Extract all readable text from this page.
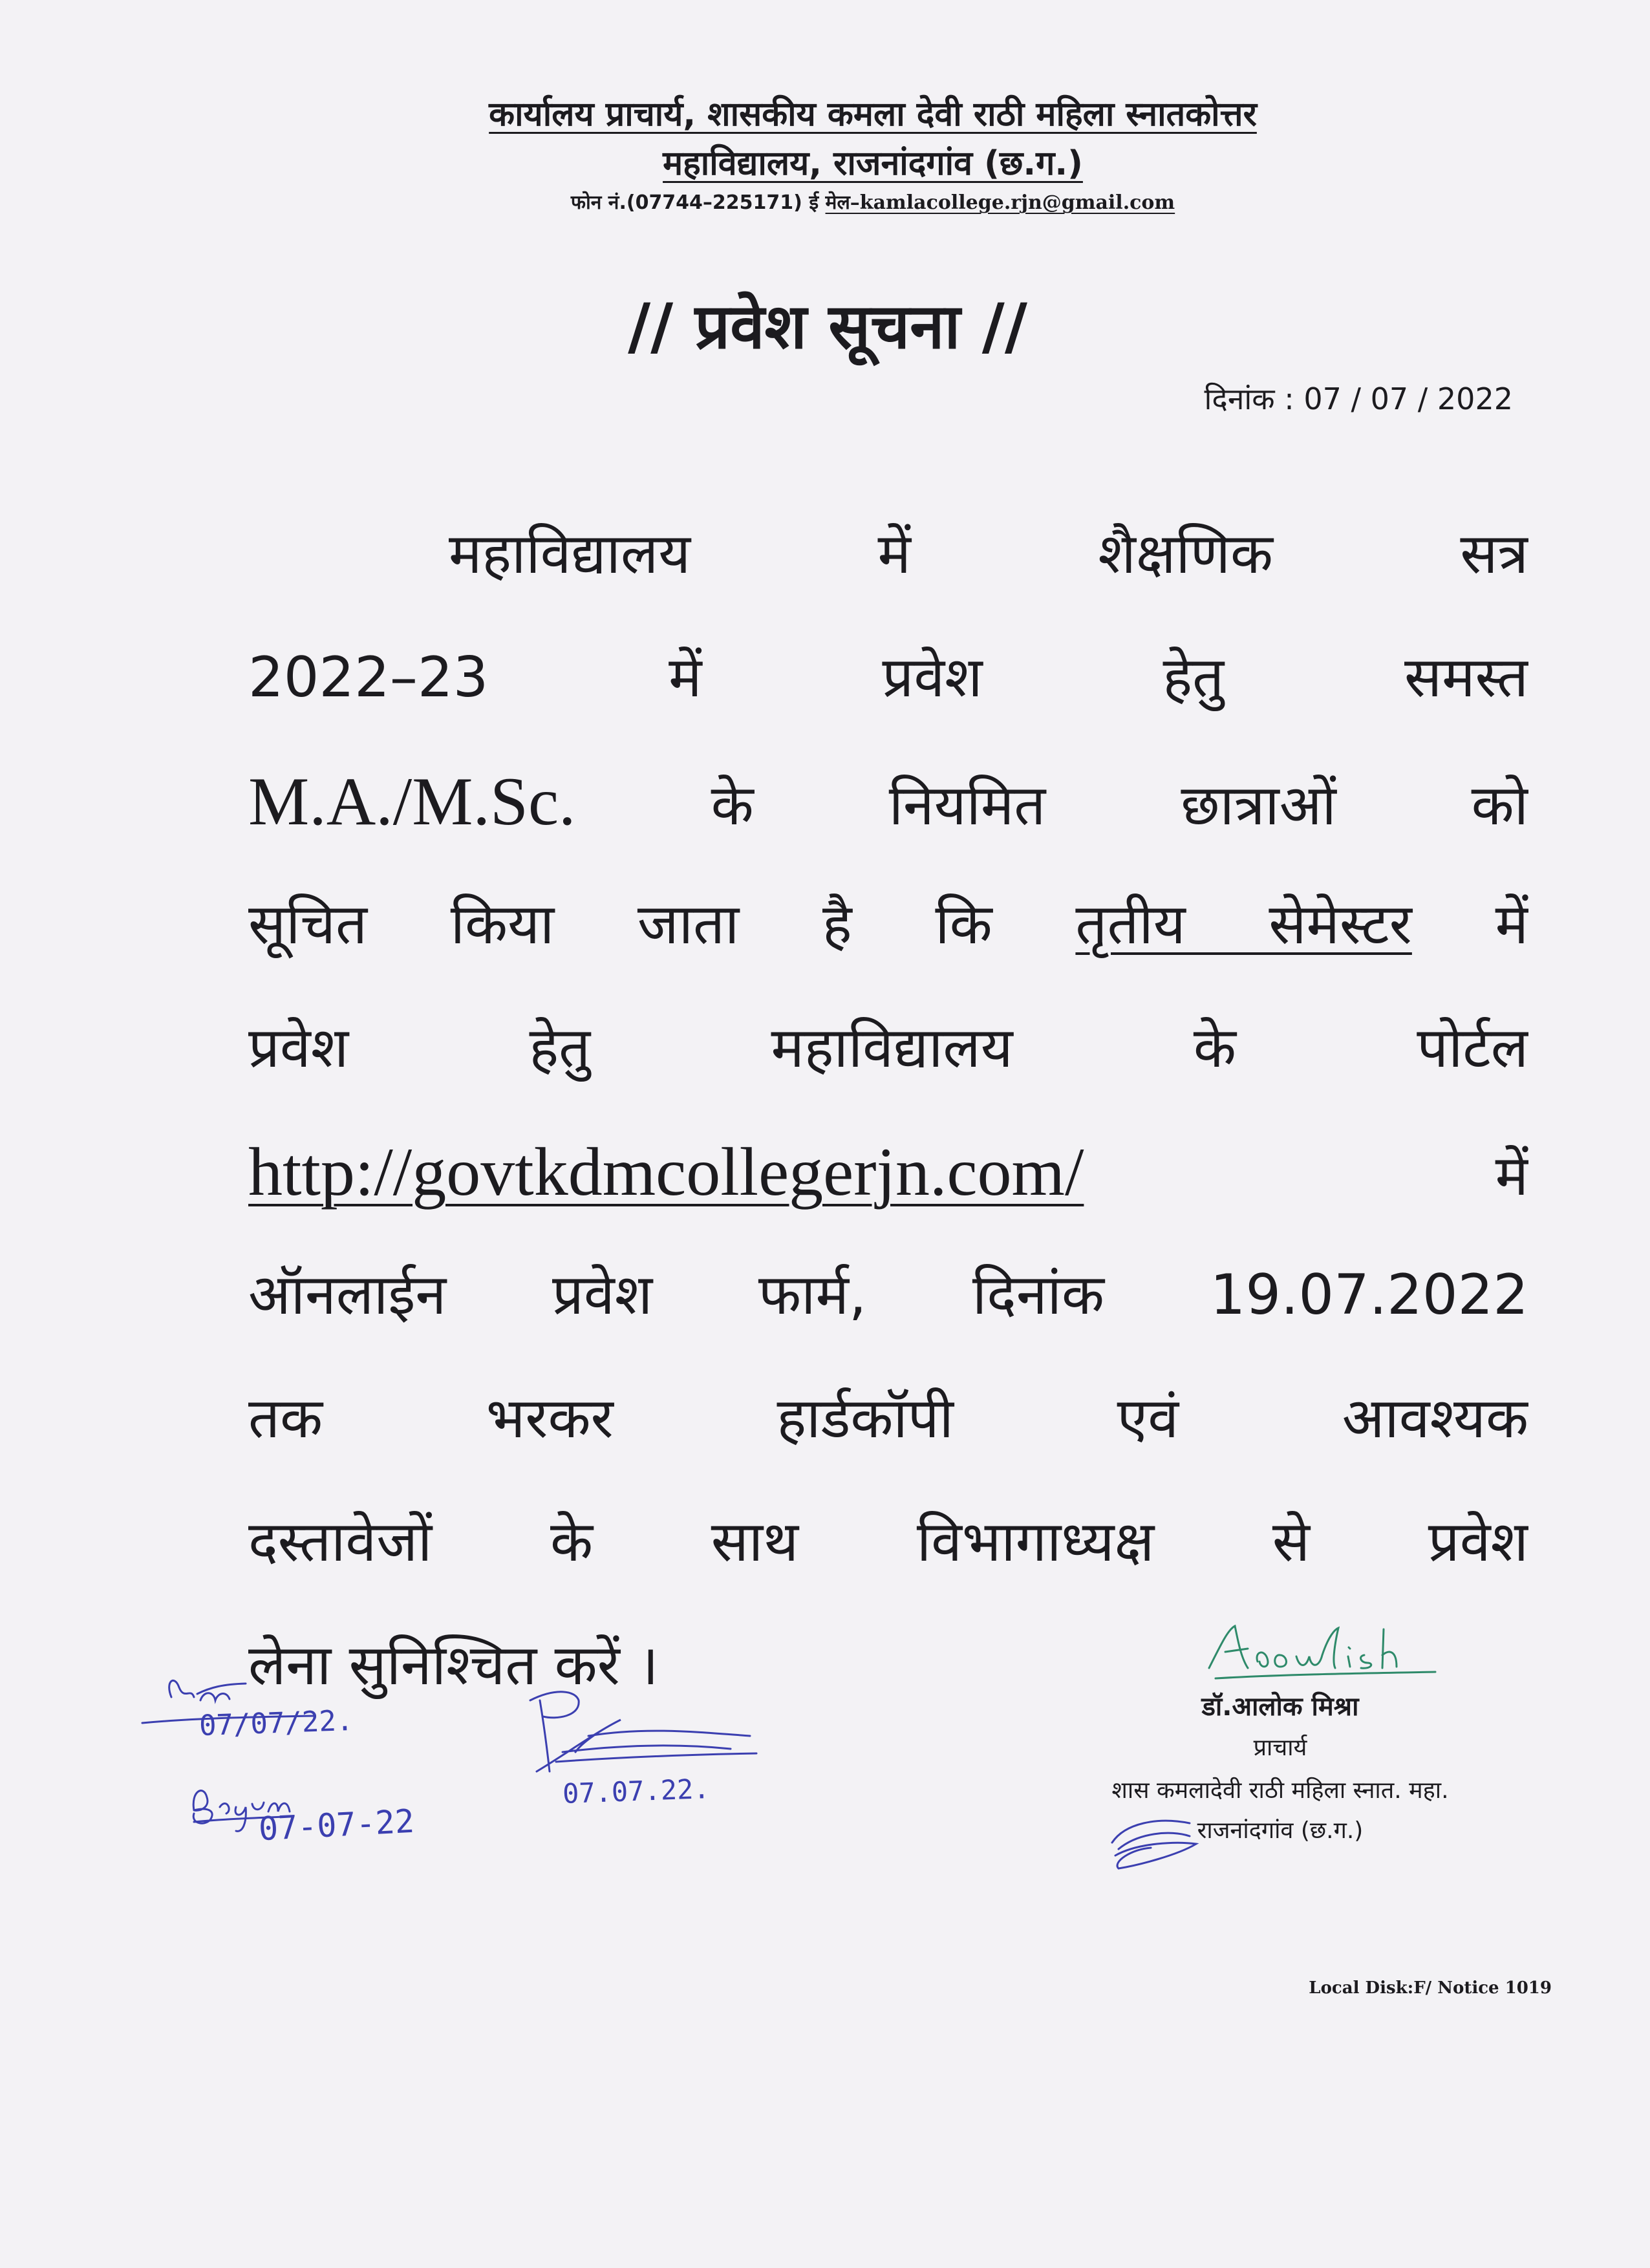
कार्यालय प्राचार्य, शासकीय कमला देवी राठी महिला स्नातकोत्तर
महाविद्यालय, राजनांदगांव (छ.ग.)
फोन नं.(07744–225171) ई मेल–kamlacollege.rjn@gmail.com
// प्रवेश सूचना //
दिनांक : 07 / 07 / 2022
महाविद्यालय में शैक्षणिक सत्र
2022–23 में प्रवेश हेतु समस्त
M.A./M.Sc. के नियमित छात्राओं को
सूचित किया जाता है कि तृतीय सेमेस्टर में
प्रवेश हेतु महाविद्यालय के पोर्टल
http://govtkdmcollegerjn.com/ में
ऑनलाईन प्रवेश फार्म, दिनांक 19.07.2022
तक भरकर हार्डकॉपी एवं आवश्यक
दस्तावेजों के साथ विभागाध्यक्ष से प्रवेश
लेना सुनिश्चित करें ।
डॉ.आलोक मिश्रा
प्राचार्य
शास कमलादेवी राठी महिला स्नात. महा.
राजनांदगांव (छ.ग.)
07/07/22.
07-07-22
07.07.22.
Local Disk:F/ Notice 1019
